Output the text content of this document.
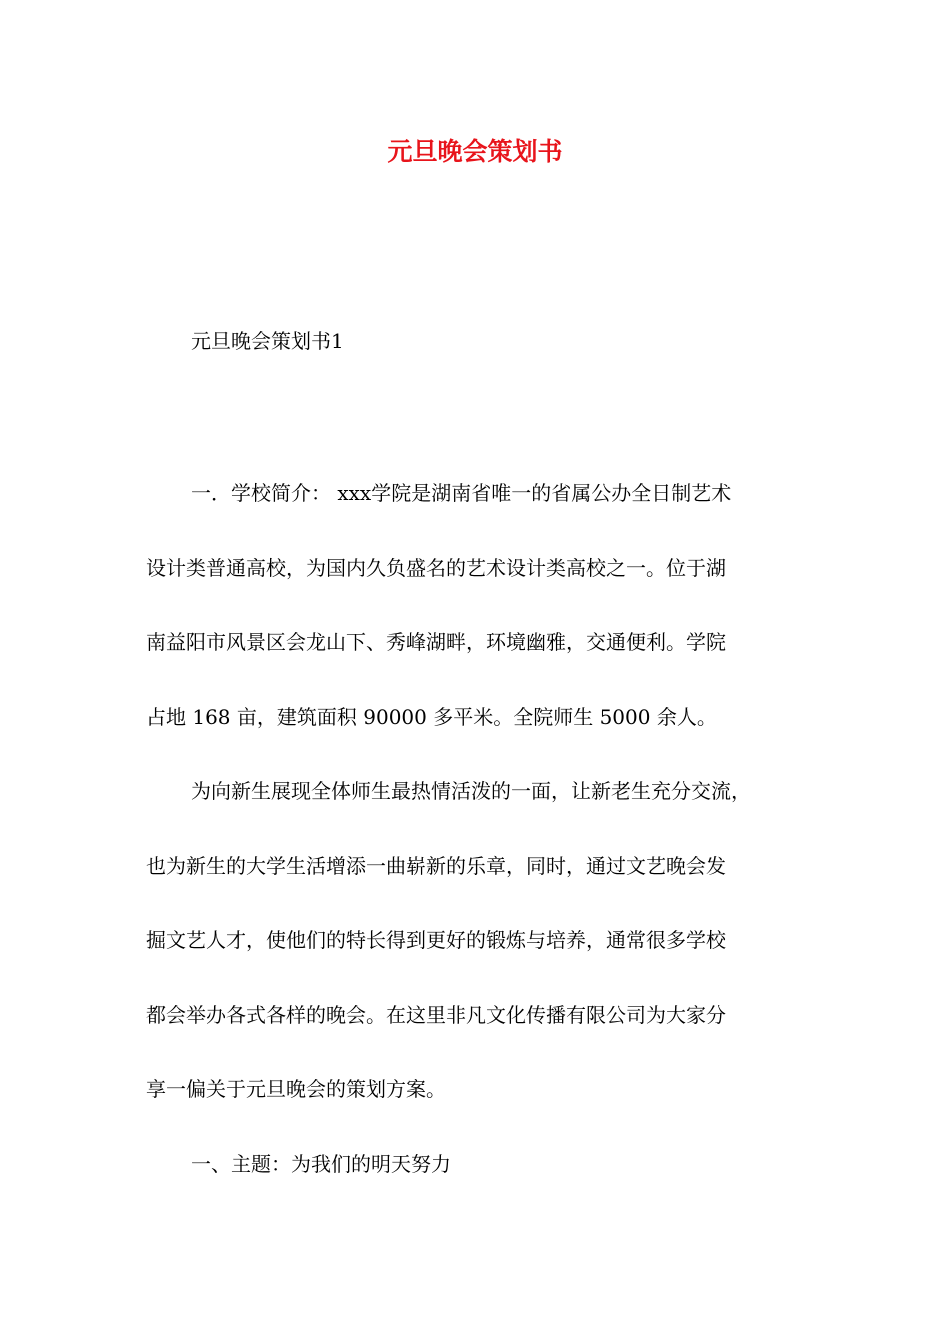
元旦晚会策划书
元旦晚会策划书1
一．学校简介： xxx学院是湖南省唯一的省属公办全日制艺术
设计类普通高校，为国内久负盛名的艺术设计类高校之一。位于湖
南益阳市风景区会龙山下、秀峰湖畔，环境幽雅，交通便利。学院
占地 168 亩，建筑面积 90000 多平米。全院师生 5000 余人。
为向新生展现全体师生最热情活泼的一面，让新老生充分交流，
也为新生的大学生活增添一曲崭新的乐章，同时，通过文艺晚会发
掘文艺人才，使他们的特长得到更好的锻炼与培养，通常很多学校
都会举办各式各样的晚会。在这里非凡文化传播有限公司为大家分
享一偏关于元旦晚会的策划方案。
一、主题：为我们的明天努力
